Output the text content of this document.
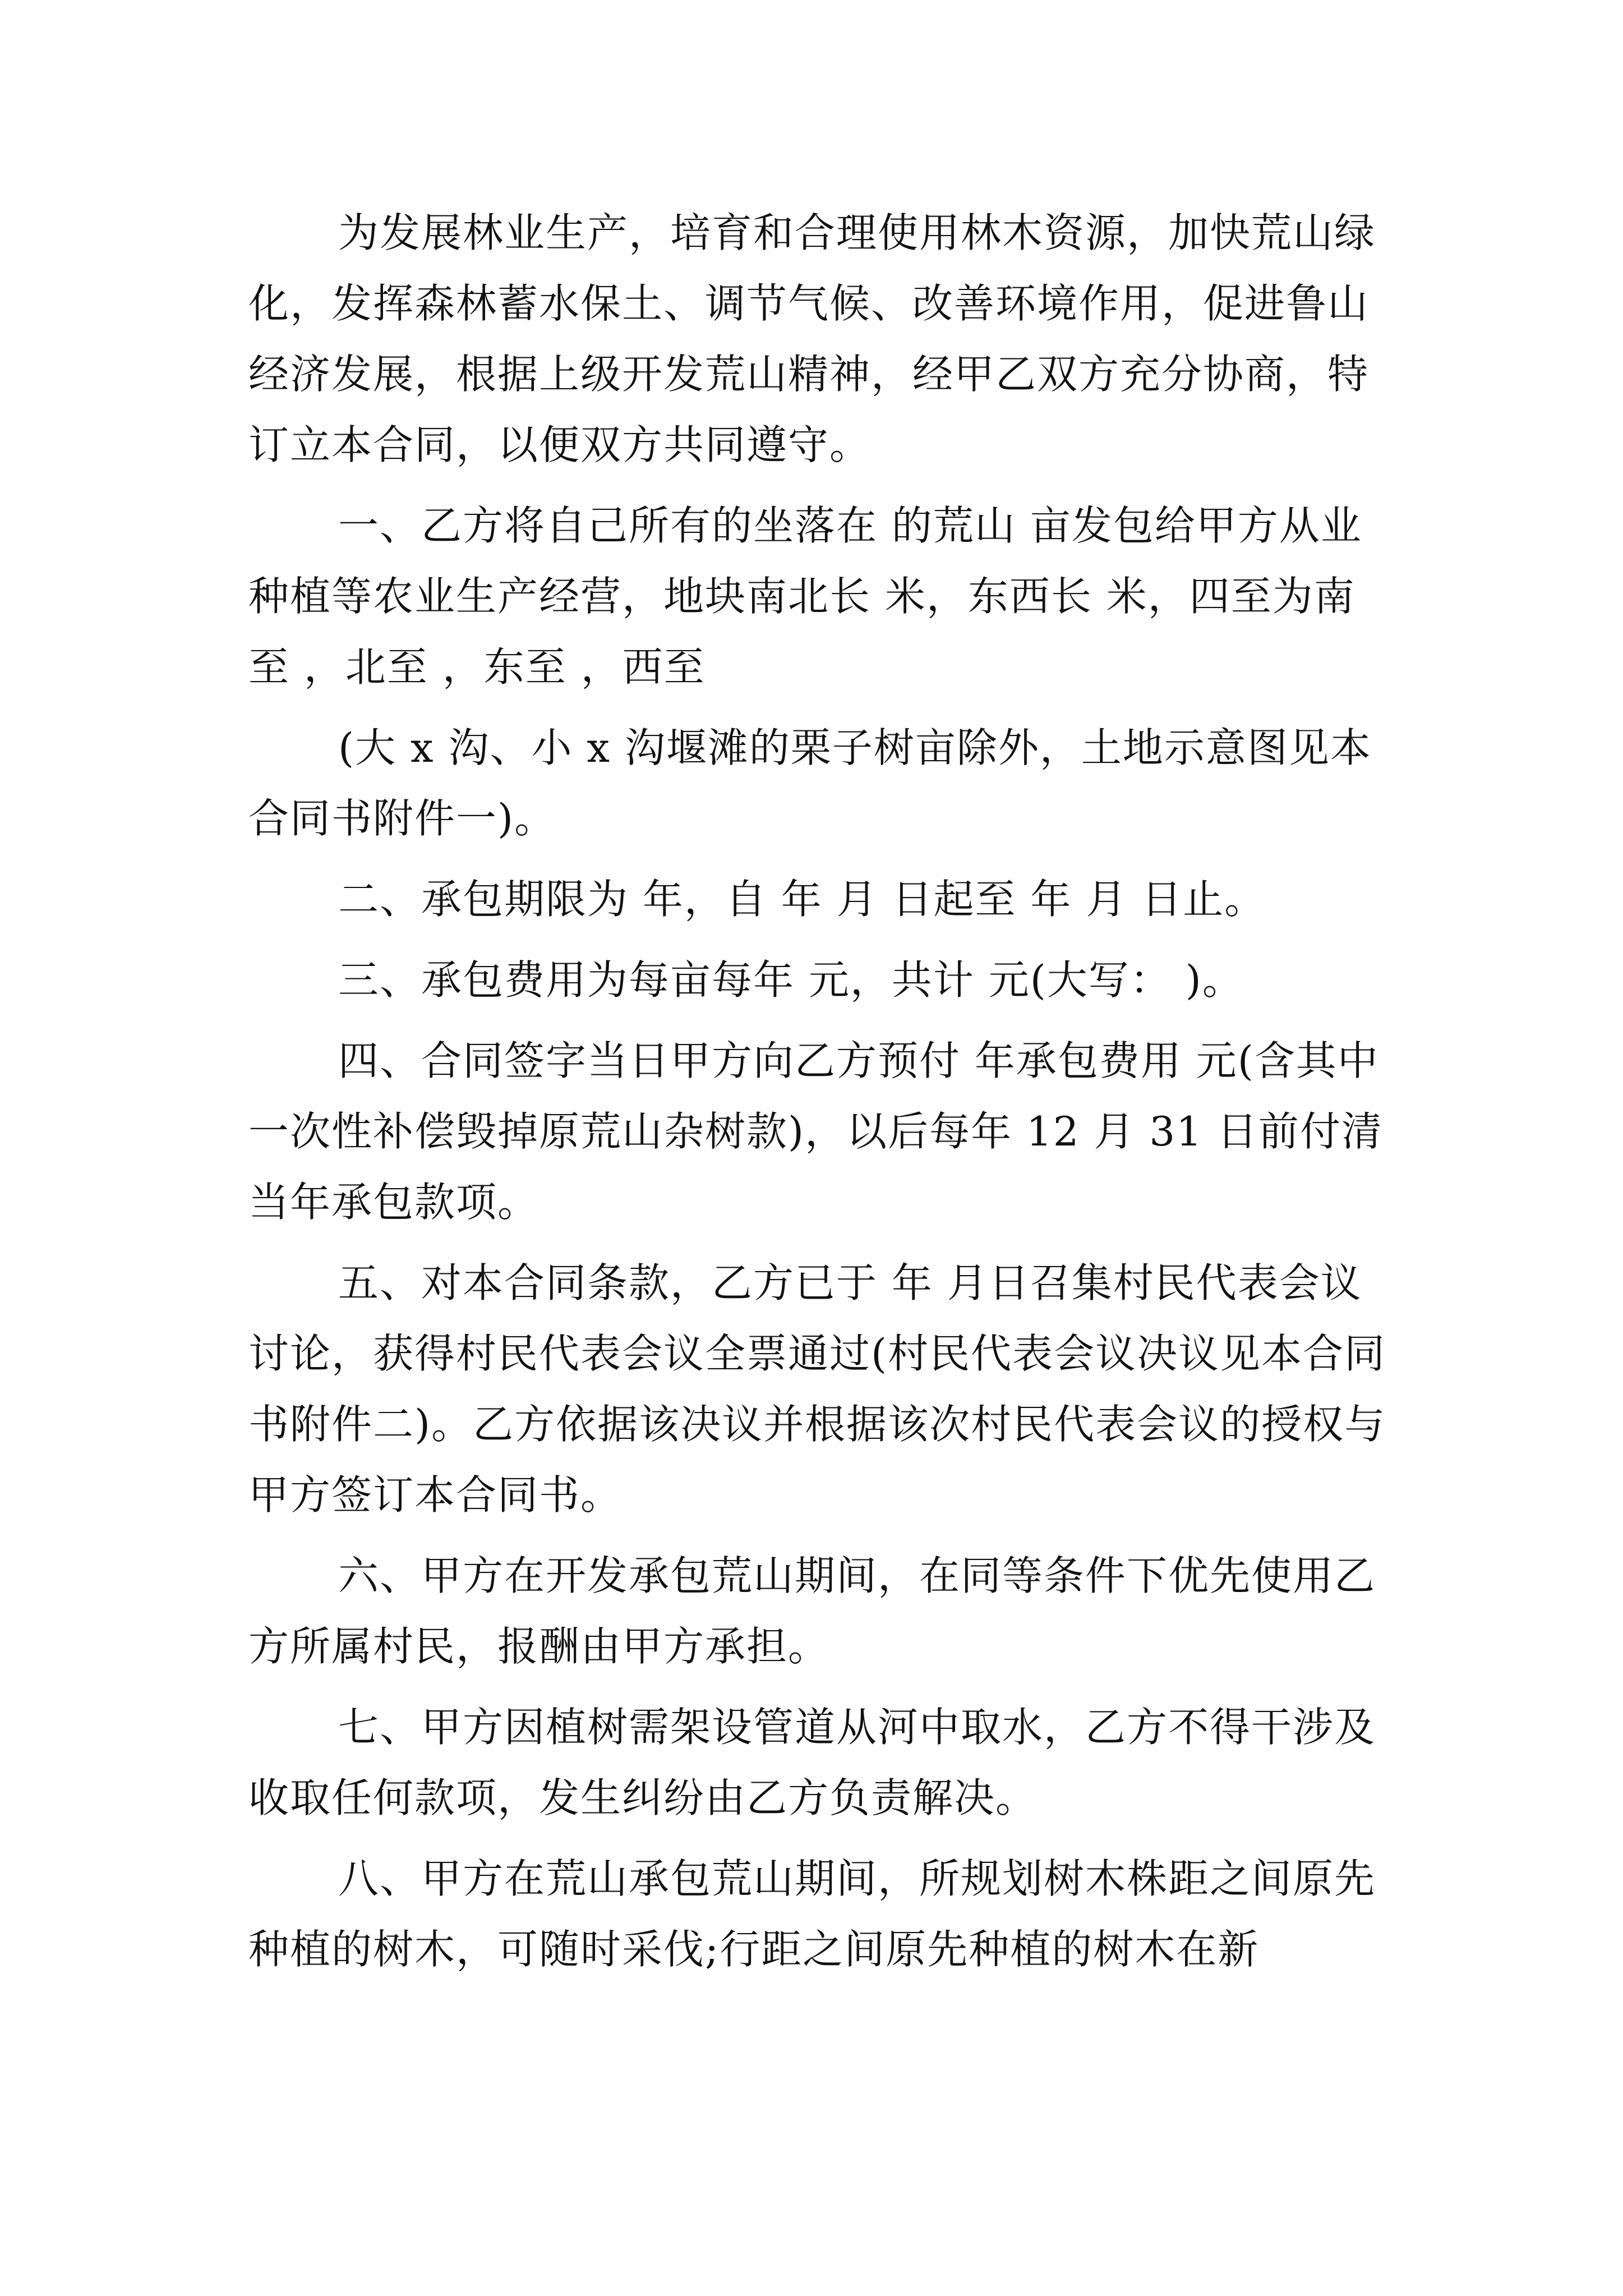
为发展林业生产，培育和合理使用林木资源，加快荒山绿化，发挥森林蓄水保土、调节气候、改善环境作用，促进鲁山经济发展，根据上级开发荒山精神，经甲乙双方充分协商，特订立本合同，以便双方共同遵守。

一、乙方将自己所有的坐落在 的荒山 亩发包给甲方从业种植等农业生产经营，地块南北长 米，东西长 米，四至为南至 ，北至 ，东至 ，西至

(大 x 沟、小 x 沟堰滩的栗子树亩除外，土地示意图见本合同书附件一)。

二、承包期限为 年，自 年 月 日起至 年 月 日止。

三、承包费用为每亩每年 元，共计 元(大写： )。

四、合同签字当日甲方向乙方预付 年承包费用 元(含其中一次性补偿毁掉原荒山杂树款)，以后每年 12 月 31 日前付清当年承包款项。

五、对本合同条款，乙方已于 年 月日召集村民代表会议讨论，获得村民代表会议全票通过(村民代表会议决议见本合同书附件二)。乙方依据该决议并根据该次村民代表会议的授权与甲方签订本合同书。

六、甲方在开发承包荒山期间，在同等条件下优先使用乙方所属村民，报酬由甲方承担。

七、甲方因植树需架设管道从河中取水，乙方不得干涉及收取任何款项，发生纠纷由乙方负责解决。

八、甲方在荒山承包荒山期间，所规划树木株距之间原先种植的树木，可随时采伐;行距之间原先种植的树木在新
